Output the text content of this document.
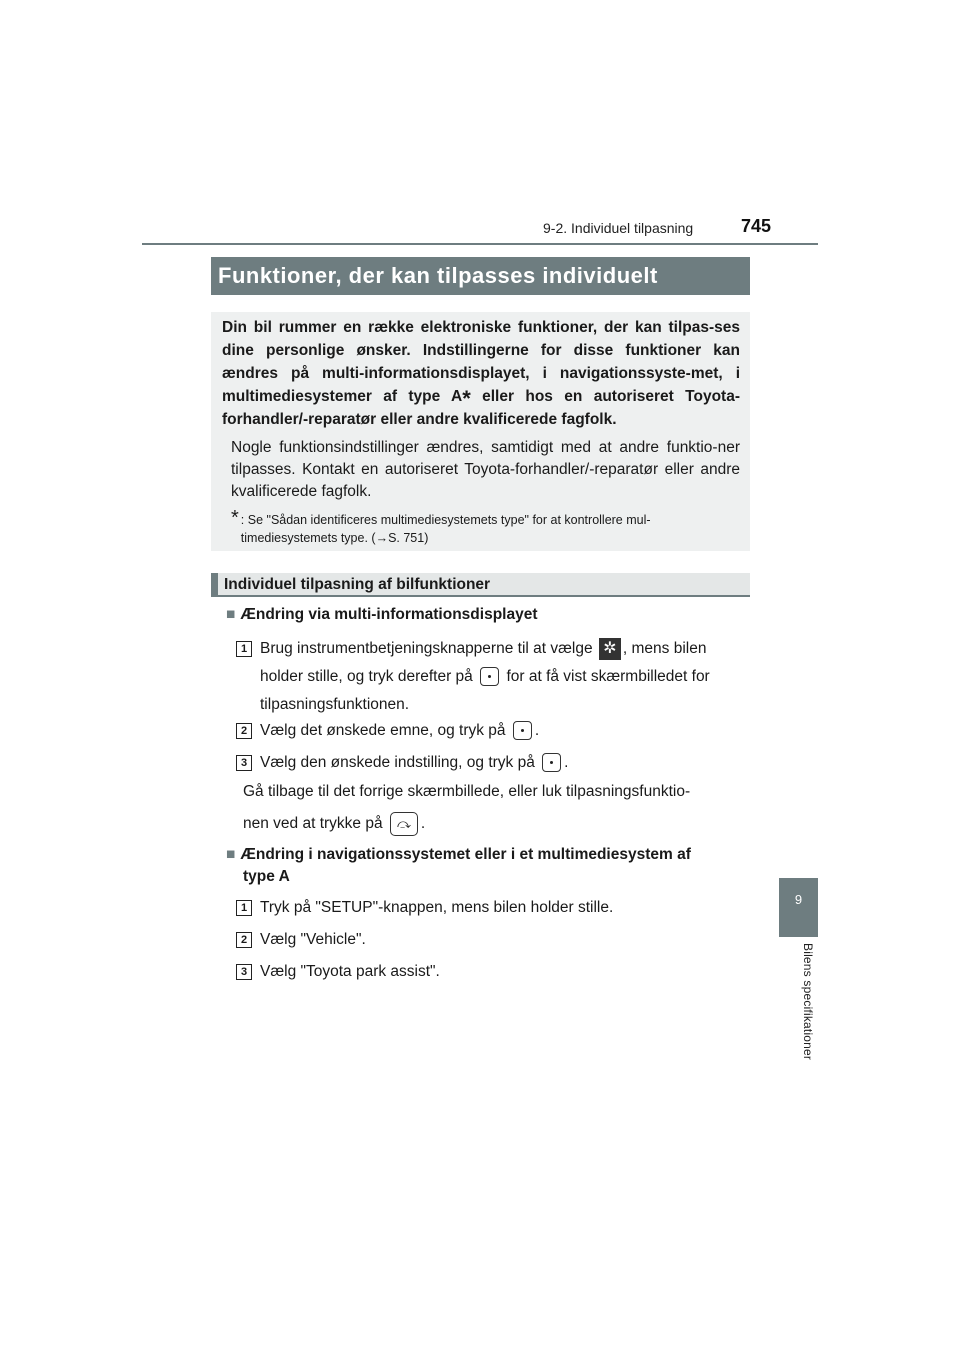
9-2. Individuel tilpasning	745
9
Bilens specifikationer
Funktioner, der kan tilpasses individuelt

Din bil rummer en række elektroniske funktioner, der kan tilpas-ses dine personlige ønsker. Indstillingerne for disse funktioner kan ændres på multi-informationsdisplayet, i navigationssyste-met, i multimediesystemer af type A* eller hos en autoriseret Toyota-forhandler/-reparatør eller andre kvalificerede fagfolk.

Nogle funktionsindstillinger ændres, samtidigt med at andre funktio-ner tilpasses. Kontakt en autoriseret Toyota-forhandler/-reparatør eller andre kvalificerede fagfolk.

* : Se "Sådan identificeres multimediesystemets type" for at kontrollere mul-timediesystemets type. (→S. 751)
Individuel tilpasning af bilfunktioner
■ Ændring via multi-informationsdisplayet
1 Brug instrumentbetjeningsknapperne til at vælge ✲ , mens bilen
holder stille, og tryk derefter på for at få vist skærmbilledet for
tilpasningsfunktionen.
2 Vælg det ønskede emne, og tryk på .
3 Vælg den ønskede indstilling, og tryk på .
Gå tilbage til det forrige skærmbillede, eller luk tilpasningsfunktio-
nen ved at trykke på ⤼ .
■ Ændring i navigationssystemet eller i et multimediesystem af
type A
1 Tryk på "SETUP"-knappen, mens bilen holder stille.
2 Vælg "Vehicle".
3 Vælg "Toyota park assist".
